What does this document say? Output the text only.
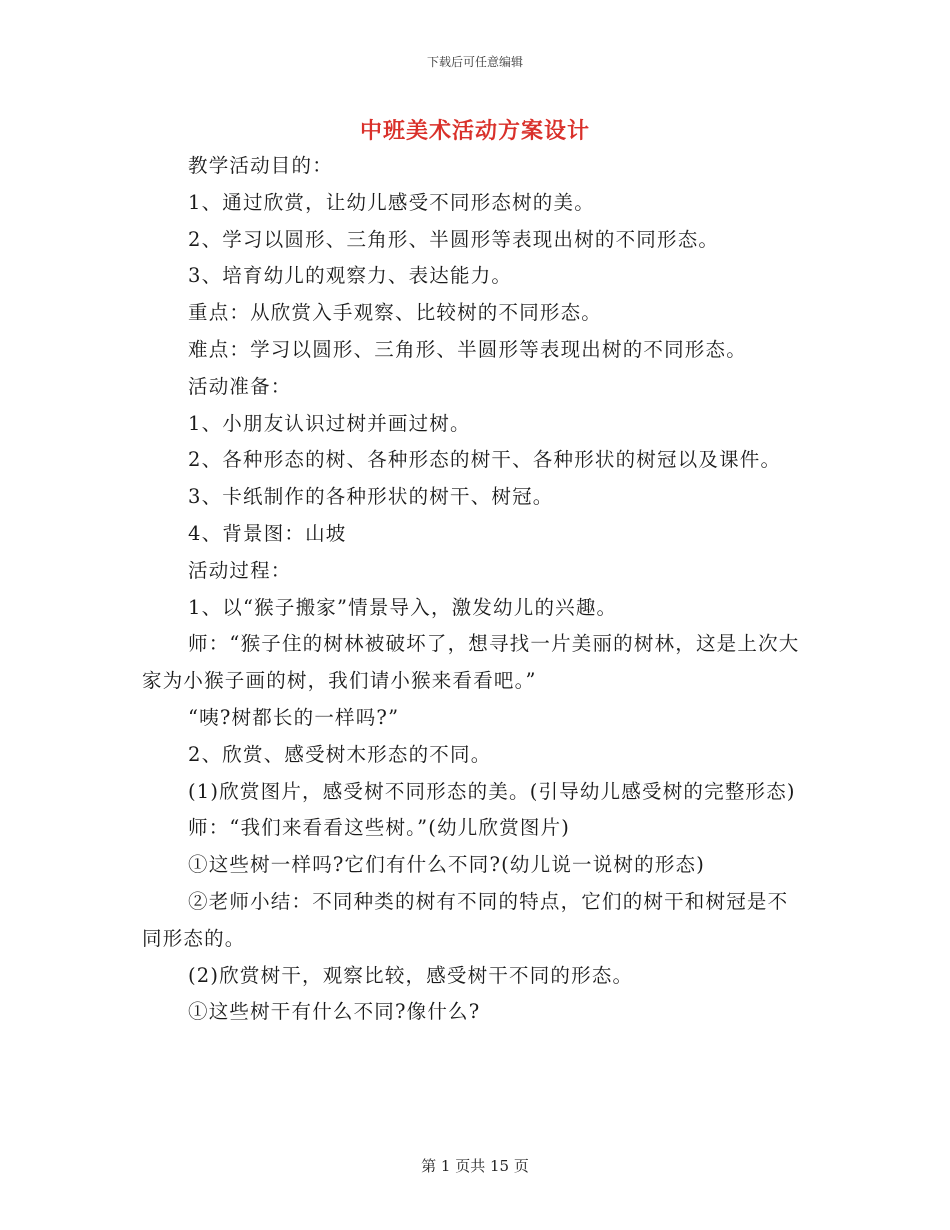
下载后可任意编辑
中班美术活动方案设计

教学活动目的：

1、通过欣赏，让幼儿感受不同形态树的美。

2、学习以圆形、三角形、半圆形等表现出树的不同形态。

3、培育幼儿的观察力、表达能力。

重点：从欣赏入手观察、比较树的不同形态。

难点：学习以圆形、三角形、半圆形等表现出树的不同形态。

活动准备：

1、小朋友认识过树并画过树。

2、各种形态的树、各种形态的树干、各种形状的树冠以及课件。

3、卡纸制作的各种形状的树干、树冠。

4、背景图：山坡

活动过程：

1、以“猴子搬家”情景导入，激发幼儿的兴趣。

师：“猴子住的树林被破坏了，想寻找一片美丽的树林，这是上次大家为小猴子画的树，我们请小猴来看看吧。”

“咦?树都长的一样吗?”

2、欣赏、感受树木形态的不同。

(1)欣赏图片，感受树不同形态的美。(引导幼儿感受树的完整形态)

师：“我们来看看这些树。”(幼儿欣赏图片)

①这些树一样吗?它们有什么不同?(幼儿说一说树的形态)

②老师小结：不同种类的树有不同的特点，它们的树干和树冠是不同形态的。

(2)欣赏树干，观察比较，感受树干不同的形态。

①这些树干有什么不同?像什么?

第 1 页共 15 页
